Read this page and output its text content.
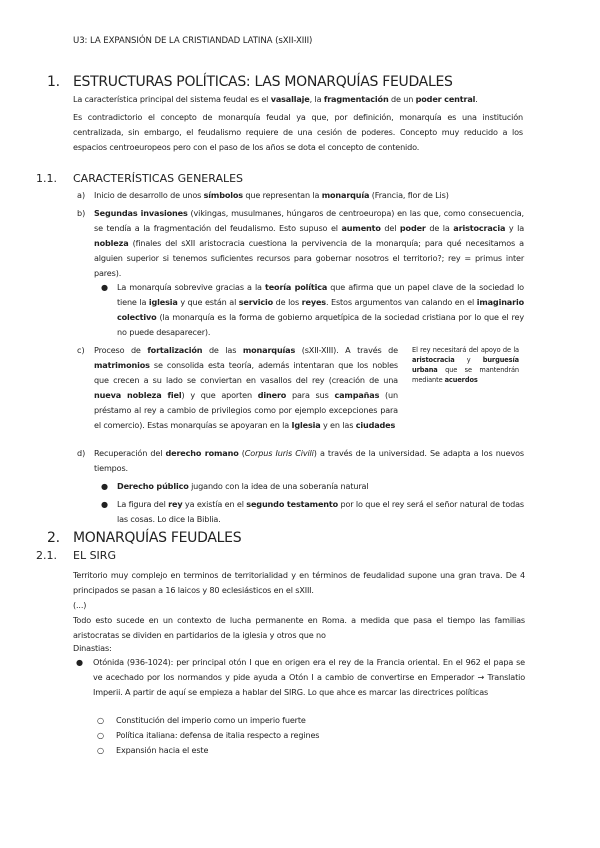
U3: LA EXPANSIÓN DE LA CRISTIANDAD LATINA (sXII-XIII)
1. ESTRUCTURAS POLÍTICAS: LAS MONARQUÍAS FEUDALES
La característica principal del sistema feudal es el vasallaje, la fragmentación de un poder central.
Es contradictorio el concepto de monarquía feudal ya que, por definición, monarquía es una institución centralizada, sin embargo, el feudalismo requiere de una cesión de poderes. Concepto muy reducido a los espacios centroeuropeos pero con el paso de los años se dota el concepto de contenido.
1.1. CARACTERÍSTICAS GENERALES
a) Inicio de desarrollo de unos símbolos que representan la monarquía (Francia, flor de Lis)
b) Segundas invasiones (vikingas, musulmanes, húngaros de centroeuropa) en las que, como consecuencia, se tendía a la fragmentación del feudalismo. Esto supuso el aumento del poder de la aristocracia y la nobleza (finales del sXII aristocracia cuestiona la pervivencia de la monarquía; para qué necesitamos a alguien superior si tenemos suficientes recursos para gobernar nosotros el territorio?; rey = primus inter pares).
● La monarquía sobrevive gracias a la teoría política que afirma que un papel clave de la sociedad lo tiene la iglesia y que están al servicio de los reyes. Estos argumentos van calando en el imaginario colectivo (la monarquía es la forma de gobierno arquetípica de la sociedad cristiana por lo que el rey no puede desaparecer).
c) Proceso de fortalización de las monarquías (sXII-XIII). A través de matrimonios se consolida esta teoría, además intentaran que los nobles que crecen a su lado se conviertan en vasallos del rey (creación de una nueva nobleza fiel) y que aporten dinero para sus campañas (un préstamo al rey a cambio de privilegios como por ejemplo excepciones para el comercio). Estas monarquías se apoyaran en la Iglesia y en las ciudades
El rey necesitará del apoyo de la aristocracia y burguesía urbana que se mantendrán mediante acuerdos
d) Recuperación del derecho romano (Corpus Iuris Civili) a través de la universidad. Se adapta a los nuevos tiempos.
● Derecho público jugando con la idea de una soberanía natural
● La figura del rey ya existía en el segundo testamento por lo que el rey será el señor natural de todas las cosas. Lo dice la Biblia.
2. MONARQUÍAS FEUDALES
2.1. EL SIRG
Territorio muy complejo en terminos de territorialidad y en términos de feudalidad supone una gran trava. De 4 principados se pasan a 16 laicos y 80 eclesiásticos en el sXIII.
(...)
Todo esto sucede en un contexto de lucha permanente en Roma. a medida que pasa el tiempo las familias aristocratas se dividen en partidarios de la iglesia y otros que no
Dinastias:
● Otónida (936-1024): per principal otón I que en origen era el rey de la Francia oriental. En el 962 el papa se ve acechado por los normandos y pide ayuda a Otón I a cambio de convertirse en Emperador → Translatio Imperii. A partir de aquí se empieza a hablar del SIRG. Lo que ahce es marcar las directrices políticas
○ Constitución del imperio como un imperio fuerte
○ Política italiana: defensa de italia respecto a regines
○ Expansión hacia el este
